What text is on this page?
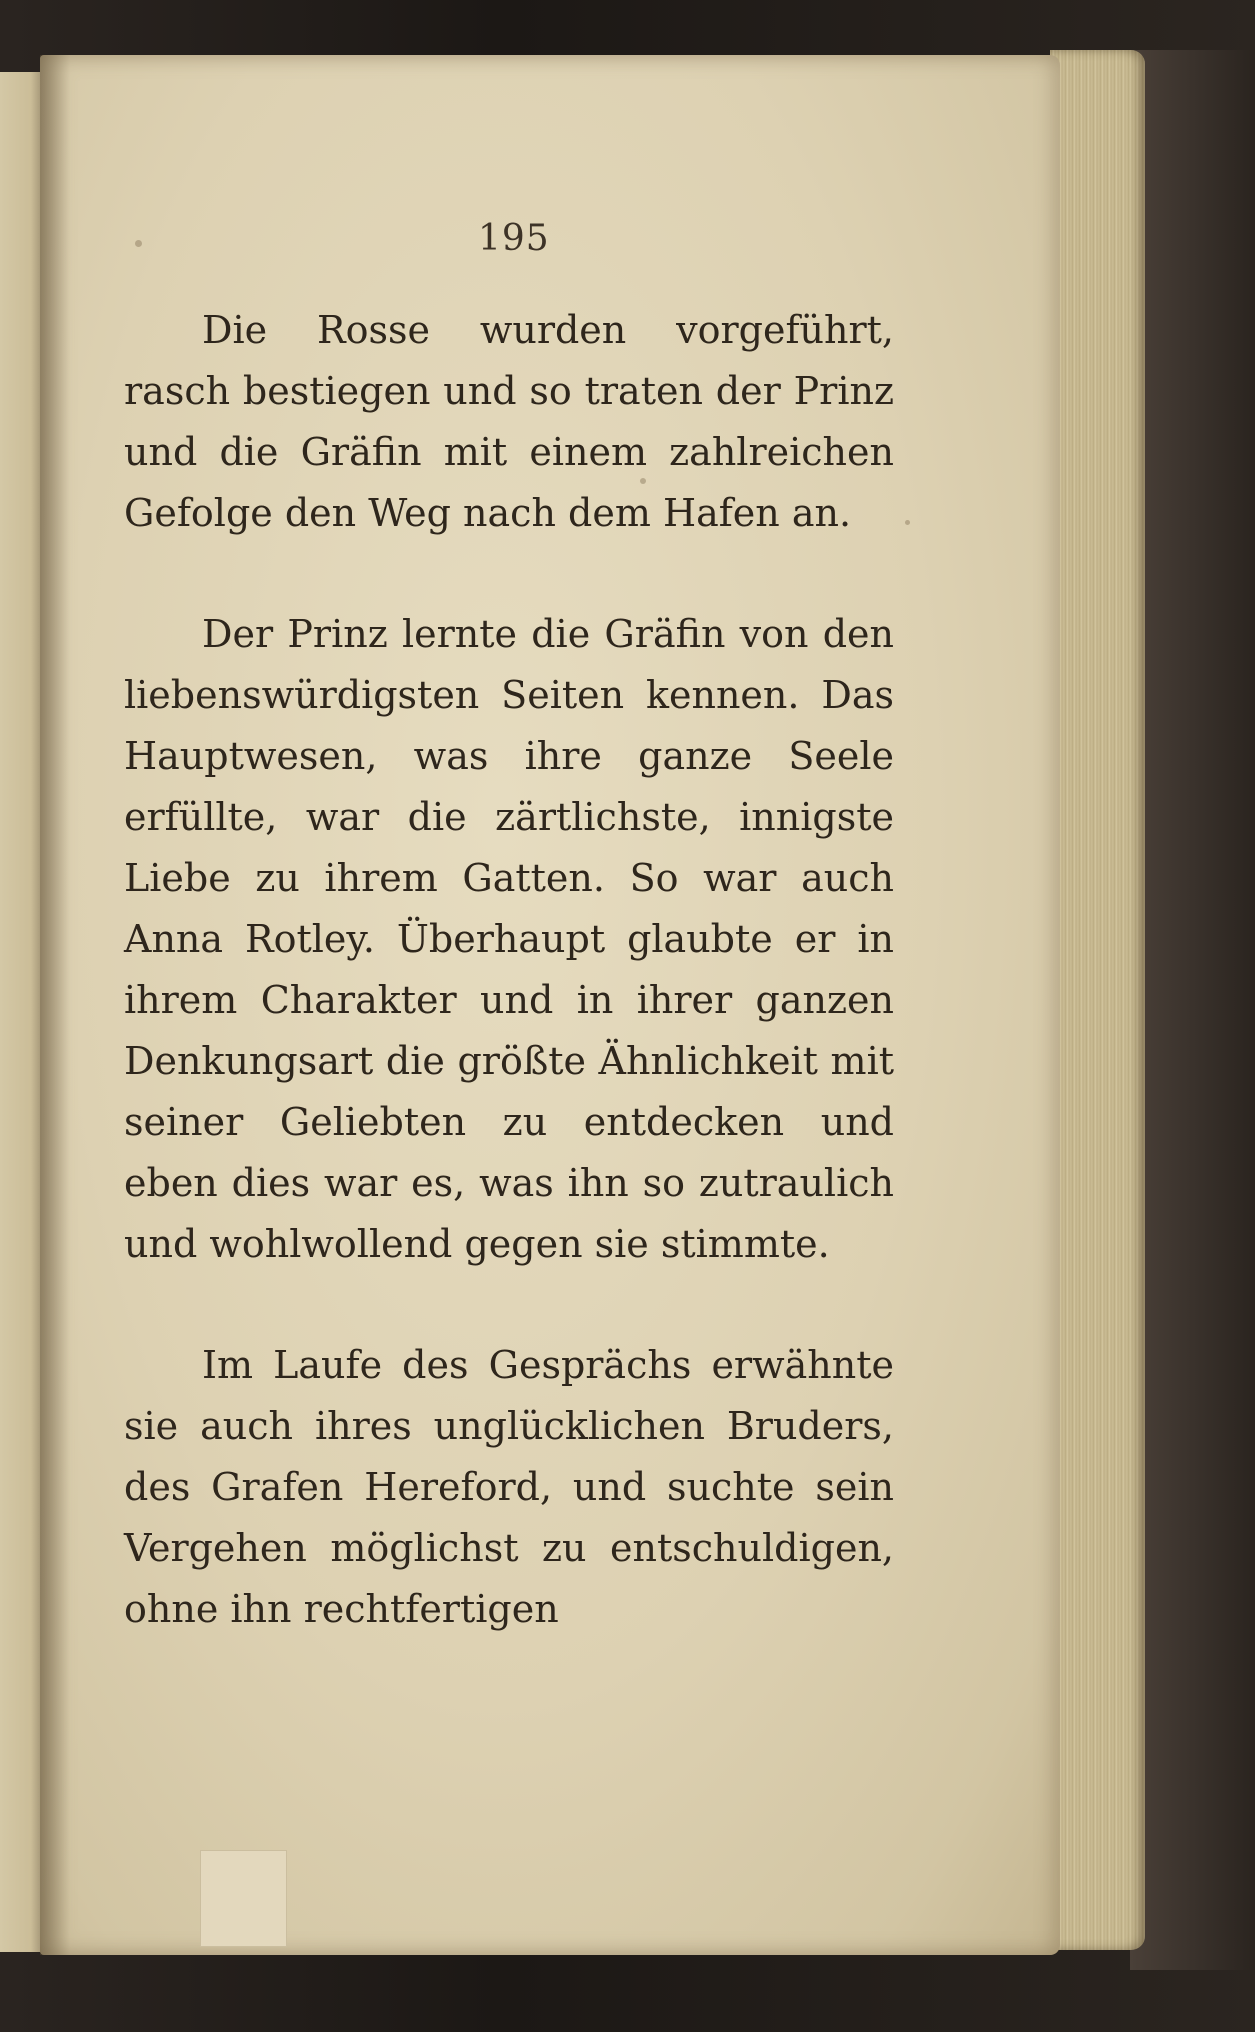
195

Die Rosse wurden vorgeführt, rasch bestiegen und so traten der Prinz und die Gräfin mit einem zahlreichen Gefolge den Weg nach dem Hafen an.

Der Prinz lernte die Gräfin von den liebenswürdigsten Seiten kennen. Das Hauptwesen, was ihre ganze Seele erfüllte, war die zärtlichste, innigste Liebe zu ihrem Gatten. So war auch Anna Rotley. Überhaupt glaubte er in ihrem Charakter und in ihrer ganzen Denkungsart die größte Ähnlichkeit mit seiner Geliebten zu entdecken und eben dies war es, was ihn so zutraulich und wohlwollend gegen sie stimmte.

Im Laufe des Gesprächs erwähnte sie auch ihres unglücklichen Bruders, des Grafen Hereford, und suchte sein Vergehen möglichst zu entschuldigen, ohne ihn rechtfertigen
